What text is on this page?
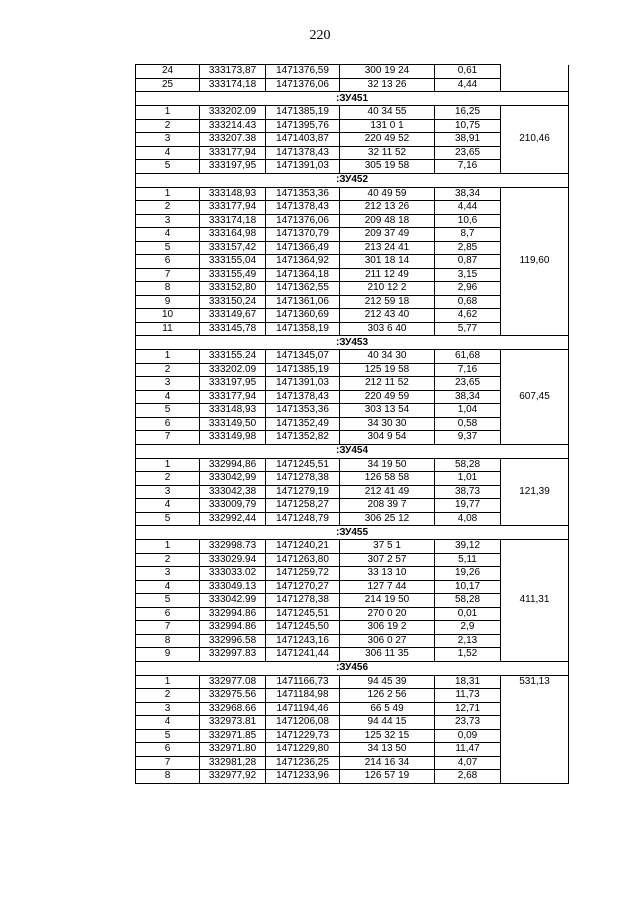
220
24	333173,87	1471376,59	300 19 24	0,61	
25	333174,18	1471376,06	32 13 26	4,44	
:ЗУ451					
1	333202.09	1471385,19	40 34 55	16,25	210,46
2	333214.43	1471395,76	131 0 1	10,75	
3	333207.38	1471403,87	220 49 52	38,91	
4	333177,94	1471378,43	32 11 52	23,65	
5	333197,95	1471391,03	305 19 58	7,16	
:ЗУ452					
1	333148,93	1471353,36	40 49 59	38,34	119,60
2	333177,94	1471378,43	212 13 26	4,44	
3	333174,18	1471376,06	209 48 18	10,6	
4	333164,98	1471370,79	209 37 49	8,7	
5	333157,42	1471366,49	213 24 41	2,85	
6	333155,04	1471364,92	301 18 14	0,87	
7	333155,49	1471364,18	211 12 49	3,15	
8	333152,80	1471362,55	210 12 2	2,96	
9	333150,24	1471361,06	212 59 18	0,68	
10	333149,67	1471360,69	212 43 40	4,62	
11	333145,78	1471358,19	303 6 40	5,77	
:ЗУ453					
1	333155.24	1471345,07	40 34 30	61,68	607,45
2	333202.09	1471385,19	125 19 58	7,16	
3	333197,95	1471391,03	212 11 52	23,65	
4	333177,94	1471378,43	220 49 59	38,34	
5	333148,93	1471353,36	303 13 54	1,04	
6	333149,50	1471352,49	34 30 30	0,58	
7	333149,98	1471352,82	304 9 54	9,37	
:ЗУ454					
1	332994,86	1471245,51	34 19 50	58,28	121,39
2	333042,99	1471278,38	126 58 58	1,01	
3	333042,38	1471279,19	212 41 49	38,73	
4	333009,79	1471258,27	208 39 7	19,77	
5	332992,44	1471248,79	306 25 12	4,08	
:ЗУ455					
1	332998.73	1471240,21	37 5 1	39,12	411,31
2	333029.94	1471263,80	307 2 57	5,11	
3	333033.02	1471259,72	33 13 10	19,26	
4	333049.13	1471270,27	127 7 44	10,17	
5	333042.99	1471278,38	214 19 50	58,28	
6	332994.86	1471245,51	270 0 20	0,01	
7	332994.86	1471245,50	306 19 2	2,9	
8	332996.58	1471243,16	306 0 27	2,13	
9	332997.83	1471241,44	306 11 35	1,52	
:ЗУ456					
1	332977.08	1471166,73	94 45 39	18,31	531,13
2	332975.56	1471184,98	126 2 56	11,73	
3	332968.66	1471194,46	66 5 49	12,71	
4	332973.81	1471206,08	94 44 15	23,73	
5	332971.85	1471229,73	125 32 15	0,09	
6	332971.80	1471229,80	34 13 50	11,47	
7	332981,28	1471236,25	214 16 34	4,07	
8	332977,92	1471233,96	126 57 19	2,68	
